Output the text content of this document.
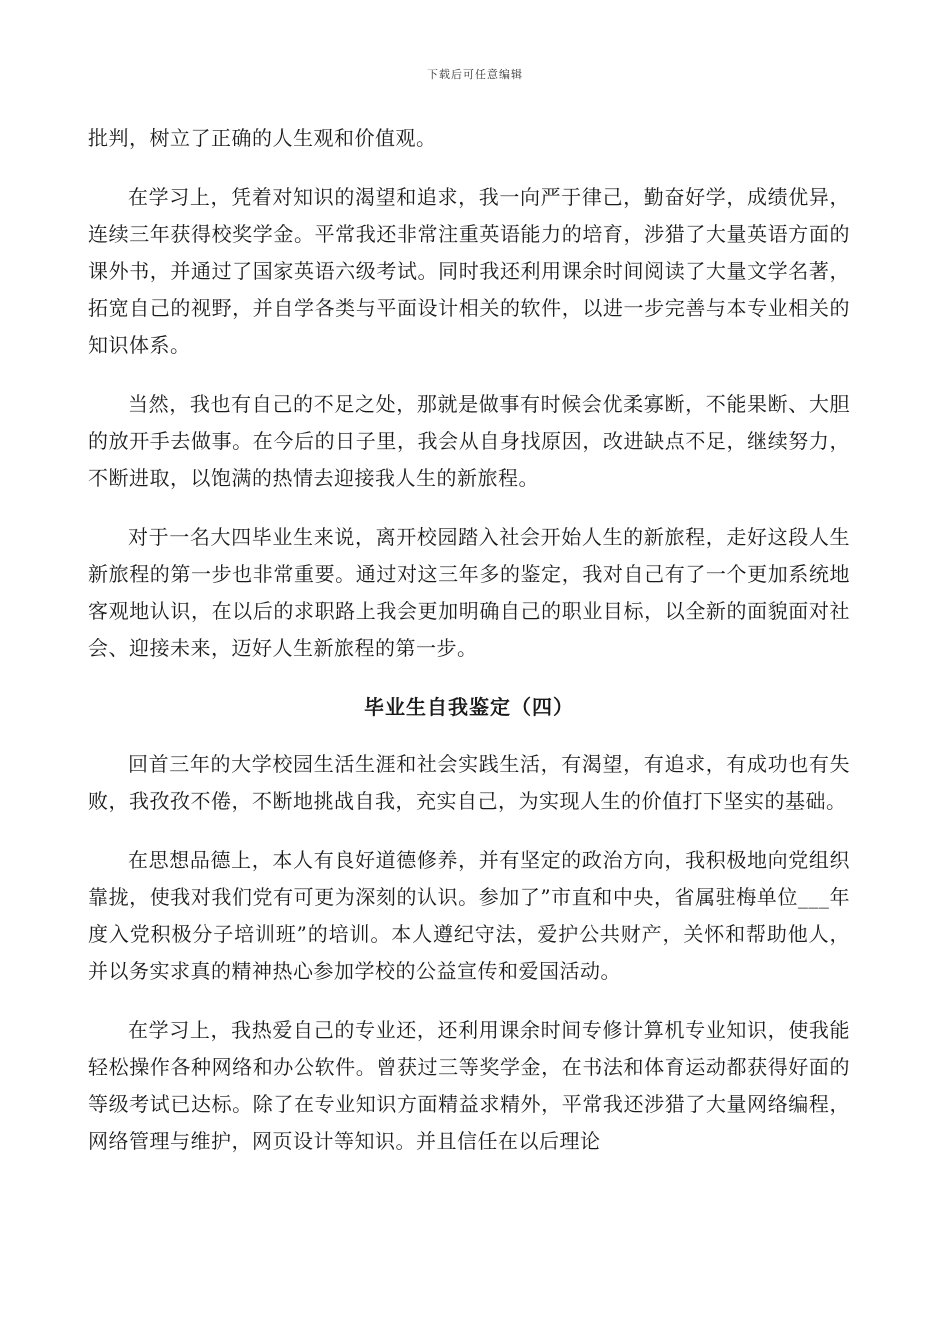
下载后可任意编辑

批判，树立了正确的人生观和价值观。

在学习上，凭着对知识的渴望和追求，我一向严于律己，勤奋好学，成绩优异，连续三年获得校奖学金。平常我还非常注重英语能力的培育，涉猎了大量英语方面的课外书，并通过了国家英语六级考试。同时我还利用课余时间阅读了大量文学名著，拓宽自己的视野，并自学各类与平面设计相关的软件，以进一步完善与本专业相关的知识体系。

当然，我也有自己的不足之处，那就是做事有时候会优柔寡断，不能果断、大胆的放开手去做事。在今后的日子里，我会从自身找原因，改进缺点不足，继续努力，不断进取，以饱满的热情去迎接我人生的新旅程。

对于一名大四毕业生来说，离开校园踏入社会开始人生的新旅程，走好这段人生新旅程的第一步也非常重要。通过对这三年多的鉴定，我对自己有了一个更加系统地客观地认识，在以后的求职路上我会更加明确自己的职业目标，以全新的面貌面对社会、迎接未来，迈好人生新旅程的第一步。

毕业生自我鉴定（四）

回首三年的大学校园生活生涯和社会实践生活，有渴望，有追求，有成功也有失败，我孜孜不倦，不断地挑战自我，充实自己，为实现人生的价值打下坚实的基础。

在思想品德上，本人有良好道德修养，并有坚定的政治方向，我积极地向党组织靠拢，使我对我们党有可更为深刻的认识。参加了”市直和中央，省属驻梅单位___年度入党积极分子培训班”的培训。本人遵纪守法，爱护公共财产，关怀和帮助他人，并以务实求真的精神热心参加学校的公益宣传和爱国活动。

在学习上，我热爱自己的专业还，还利用课余时间专修计算机专业知识，使我能轻松操作各种网络和办公软件。曾获过三等奖学金，在书法和体育运动都获得好面的等级考试已达标。除了在专业知识方面精益求精外，平常我还涉猎了大量网络编程，网络管理与维护，网页设计等知识。并且信任在以后理论
